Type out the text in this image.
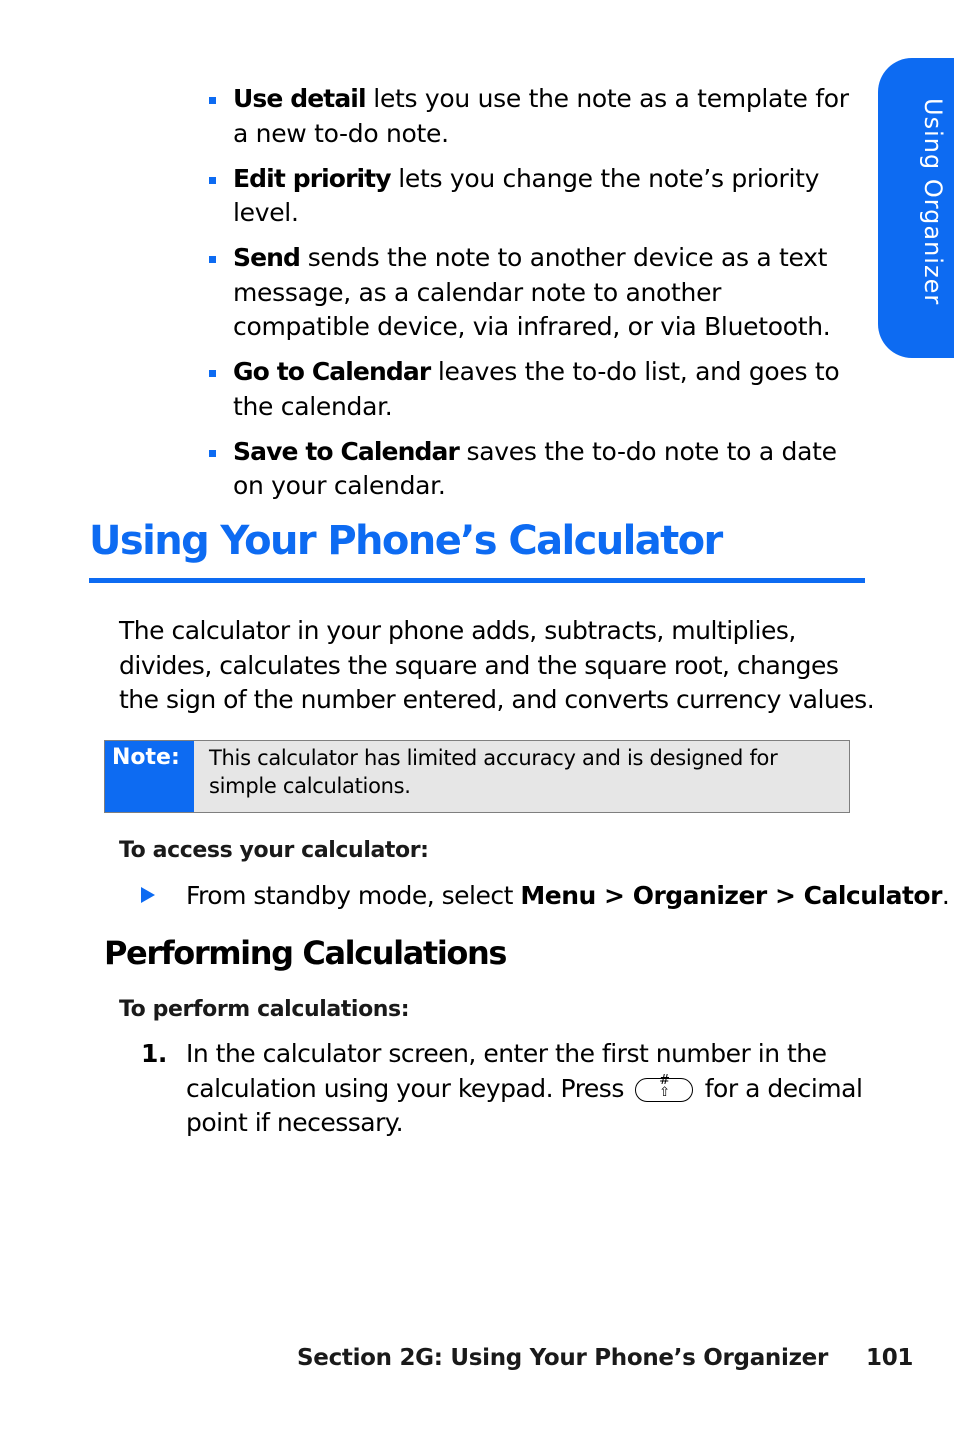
Using Organizer
Use detail lets you use the note as a template for a new to-do note.
Edit priority lets you change the note’s priority level.
Send sends the note to another device as a text message, as a calendar note to another compatible device, via infrared, or via Bluetooth.
Go to Calendar leaves the to-do list, and goes to the calendar.
Save to Calendar saves the to-do note to a date on your calendar.
Using Your Phone’s Calculator

The calculator in your phone adds, subtracts, multiplies, divides, calculates the square and the square root, changes the sign of the number entered, and converts currency values.

Note:	This calculator has limited accuracy and is designed for simple calculations.

To access your calculator:

From standby mode, select Menu > Organizer > Calculator.
Performing Calculations

To perform calculations:

1. In the calculator screen, enter the first number in the calculation using your keypad. Press	#
⇧	for a decimal point if necessary.
Section 2G: Using Your Phone’s Organizer 101
